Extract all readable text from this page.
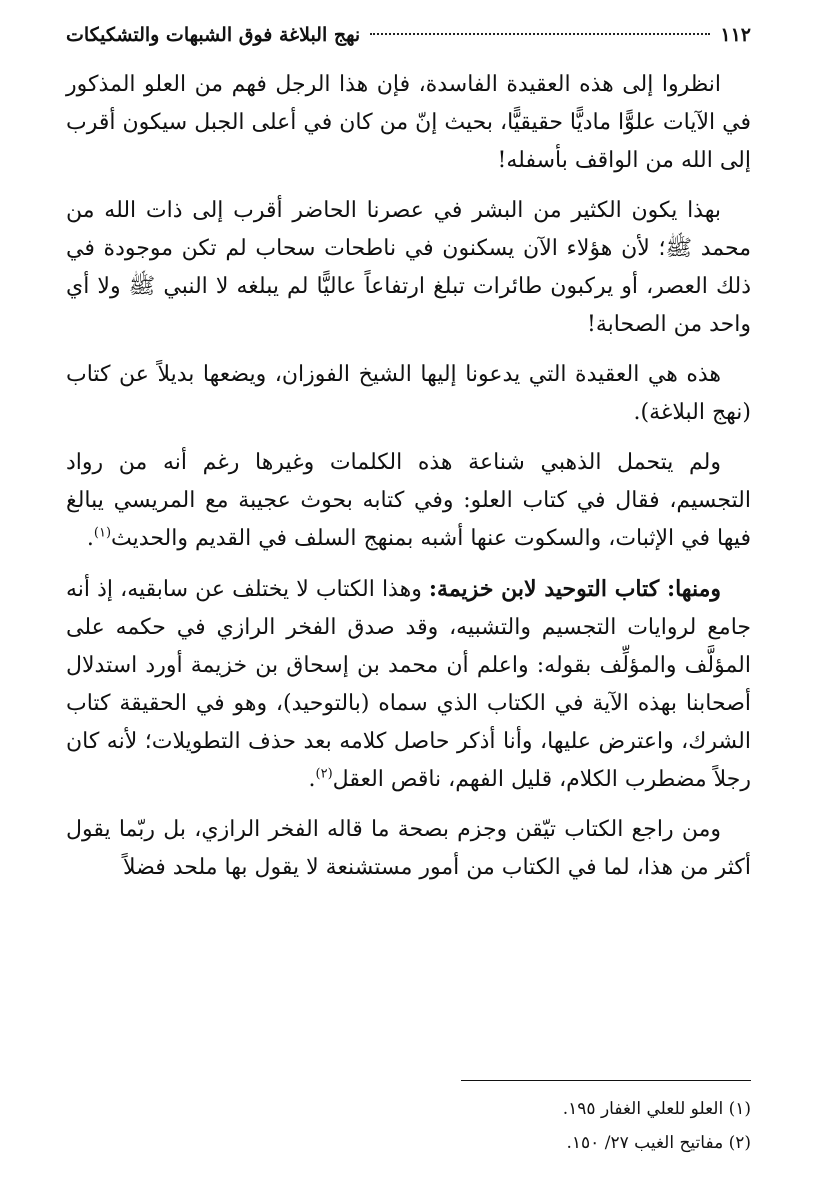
١١٢
نهج البلاغة فوق الشبهات والتشكيكات

انظروا إلى هذه العقيدة الفاسدة، فإن هذا الرجل فهم من العلو المذكور في الآيات علوًّا ماديًّا حقيقيًّا، بحيث إنّ من كان في أعلى الجبل سيكون أقرب إلى الله من الواقف بأسفله!

بهذا يكون الكثير من البشر في عصرنا الحاضر أقرب إلى ذات الله من محمد ﷺ؛ لأن هؤلاء الآن يسكنون في ناطحات سحاب لم تكن موجودة في ذلك العصر، أو يركبون طائرات تبلغ ارتفاعاً عاليًّا لم يبلغه لا النبي ﷺ ولا أي واحد من الصحابة!

هذه هي العقيدة التي يدعونا إليها الشيخ الفوزان، ويضعها بديلاً عن كتاب (نهج البلاغة).

ولم يتحمل الذهبي شناعة هذه الكلمات وغيرها رغم أنه من رواد التجسيم، فقال في كتاب العلو: وفي كتابه بحوث عجيبة مع المريسي يبالغ فيها في الإثبات، والسكوت عنها أشبه بمنهج السلف في القديم والحديث$^{(١)}$.

ومنها: كتاب التوحيد لابن خزيمة: وهذا الكتاب لا يختلف عن سابقيه، إذ أنه جامع لروايات التجسيم والتشبيه، وقد صدق الفخر الرازي في حكمه على المؤلَّف والمؤلِّف بقوله: واعلم أن محمد بن إسحاق بن خزيمة أورد استدلال أصحابنا بهذه الآية في الكتاب الذي سماه (بالتوحيد)، وهو في الحقيقة كتاب الشرك، واعترض عليها، وأنا أذكر حاصل كلامه بعد حذف التطويلات؛ لأنه كان رجلاً مضطرب الكلام، قليل الفهم، ناقص العقل$^{(٢)}$.

ومن راجع الكتاب تيّقن وجزم بصحة ما قاله الفخر الرازي، بل ربّما يقول أكثر من هذا، لما في الكتاب من أمور مستشنعة لا يقول بها ملحد فضلاً

(١) العلو للعلي الغفار ١٩٥.
(٢) مفاتيح الغيب ٢٧/ ١٥٠.
